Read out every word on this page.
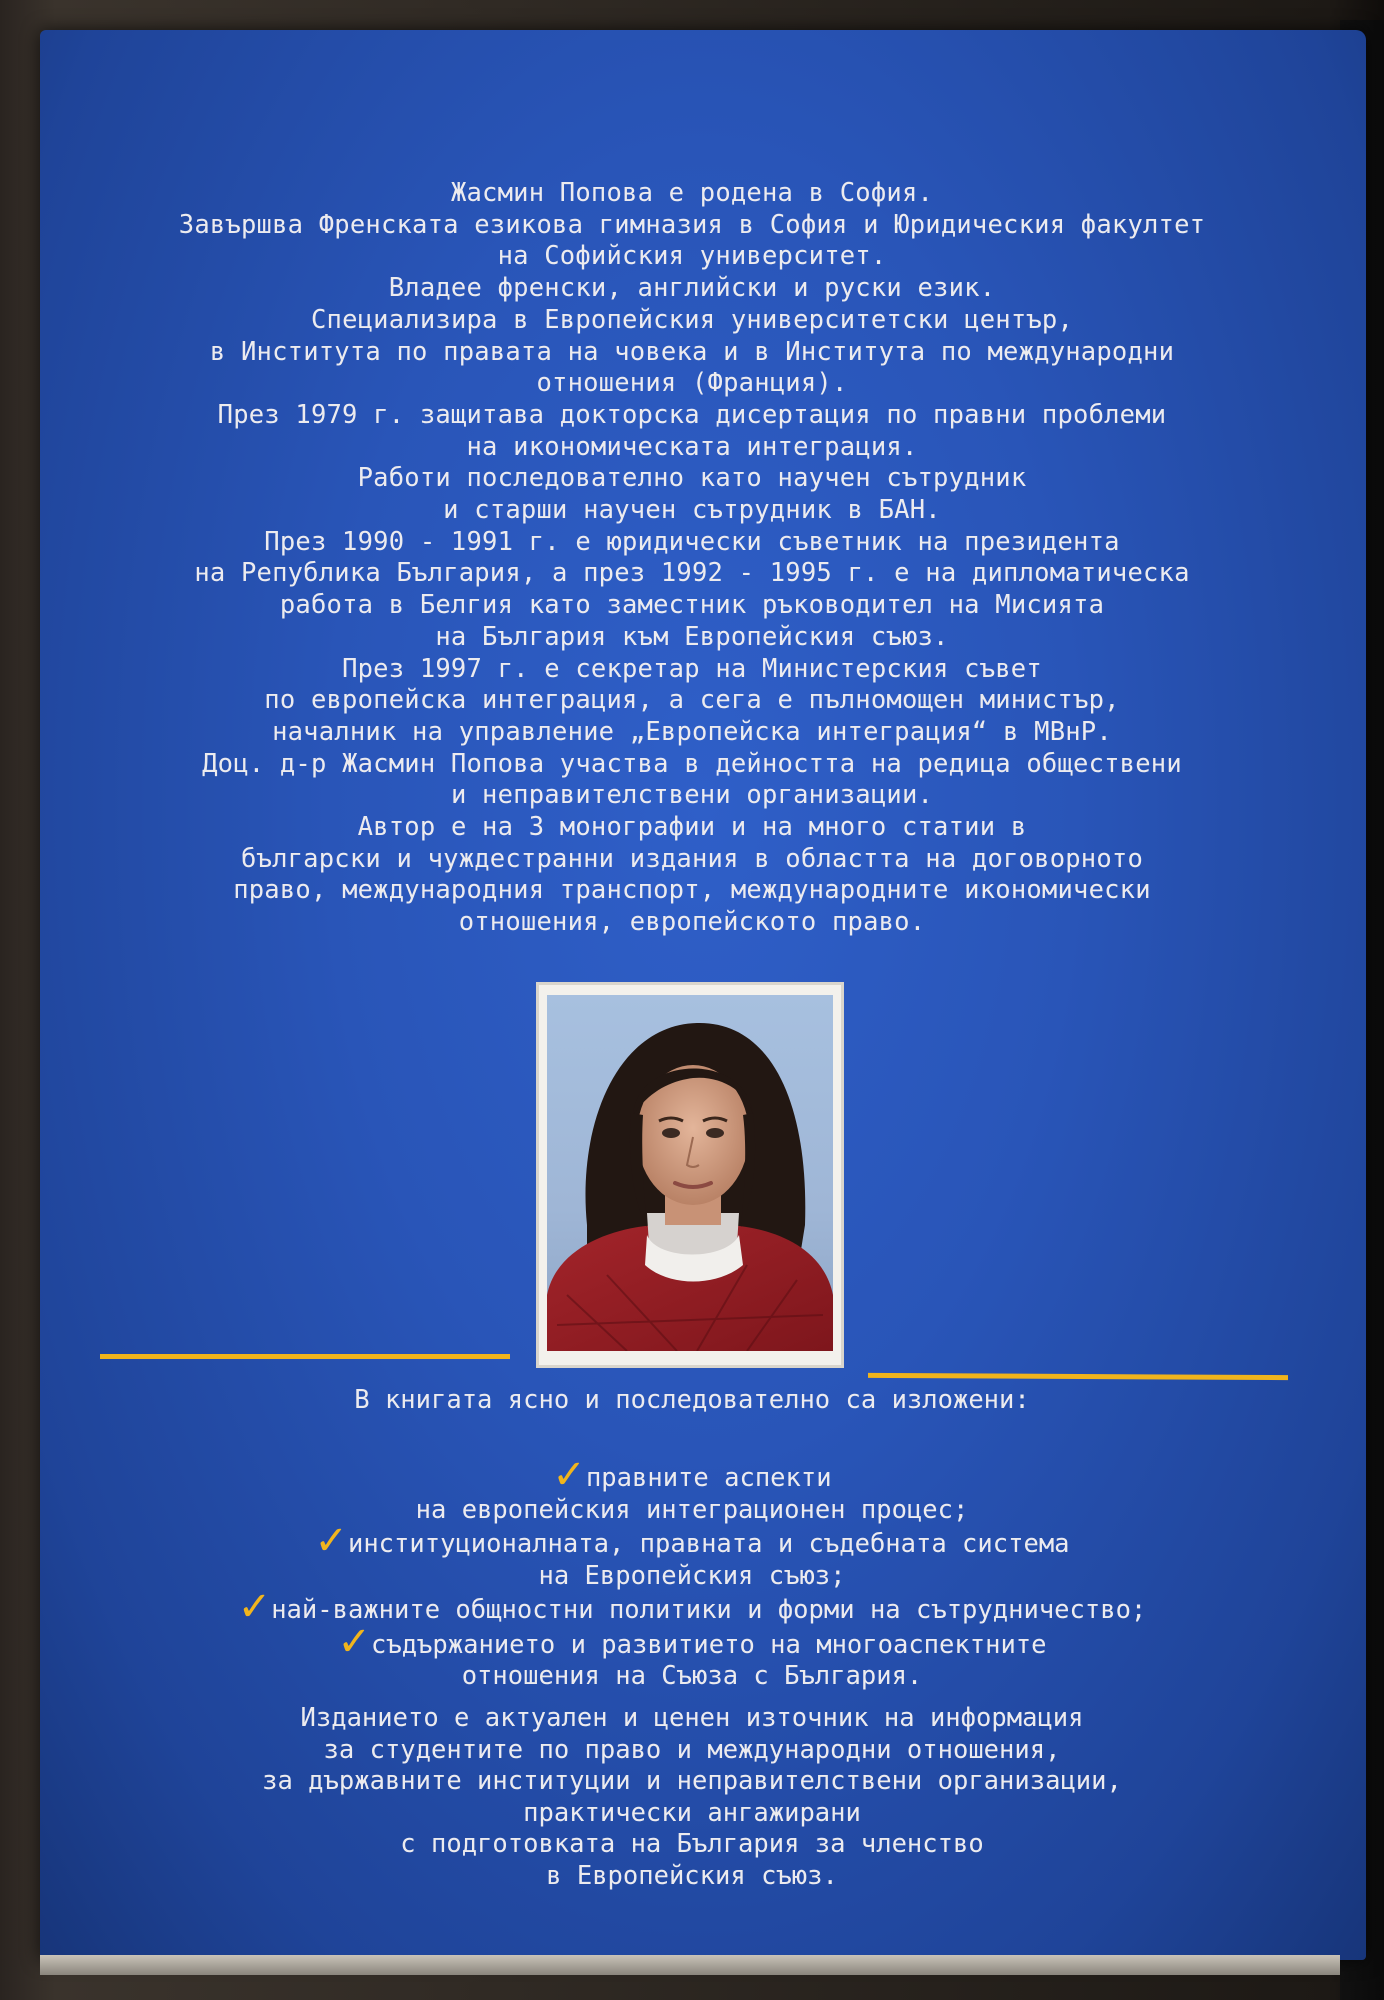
Жасмин Попова е родена в София.
Завършва Френската езикова гимназия в София и Юридическия факултет
на Софийския университет.
Владее френски, английски и руски език.
Специализира в Европейския университетски център,
в Института по правата на човека и в Института по международни
отношения (Франция).
През 1979 г. защитава докторска дисертация по правни проблеми
на икономическата интеграция.
Работи последователно като научен сътрудник
и старши научен сътрудник в БАН.
През 1990 - 1991 г. е юридически съветник на президента
на Република България, а през 1992 - 1995 г. е на дипломатическа
работа в Белгия като заместник ръководител на Мисията
на България към Европейския съюз.
През 1997 г. е секретар на Министерския съвет
по европейска интеграция, а сега е пълномощен министър,
началник на управление „Европейска интеграция“ в МВнР.
Доц. д-р Жасмин Попова участва в дейността на редица обществени
и неправителствени организации.
Автор е на 3 монографии и на много статии в
български и чуждестранни издания в областта на договорното
право, международния транспорт, международните икономически
отношения, европейското право.
В книгата ясно и последователно са изложени:
✓правните аспекти
на европейския интеграционен процес;
✓институционалната, правната и съдебната система
на Европейския съюз;
✓най-важните общностни политики и форми на сътрудничество;
✓съдържанието и развитието на многоаспектните
отношения на Съюза с България.
Изданието е актуален и ценен източник на информация
за студентите по право и международни отношения,
за държавните институции и неправителствени организации,
практически ангажирани
с подготовката на България за членство
в Европейския съюз.
